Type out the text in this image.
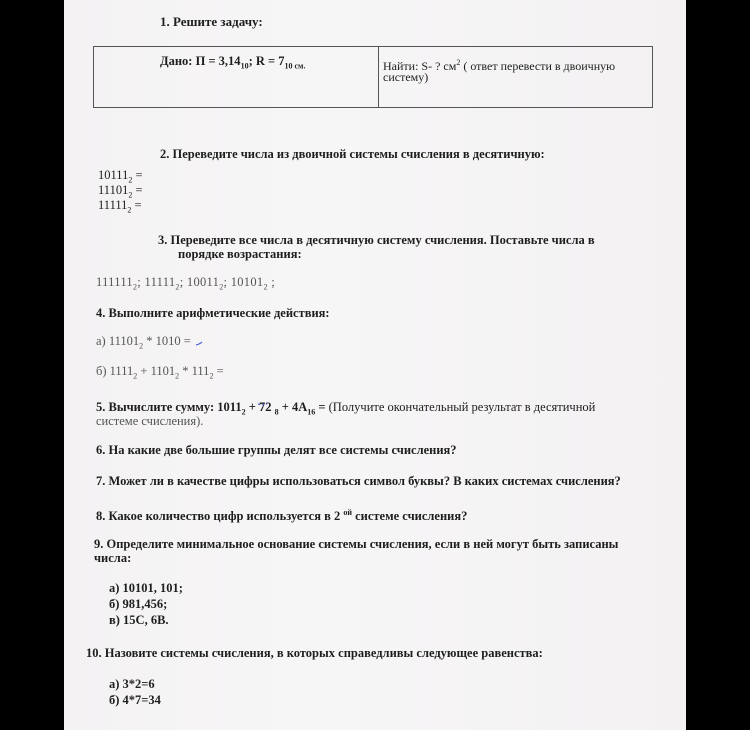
1. Решите задачу:
Дано: $П = 3,14_{10}$; $R = 7_{10 см.}$	Найти: S- ? $см^2$ ( ответ перевести в двоичную
систему)
2. Переведите числа из двоичной системы счисления в десятичную:
$10111_2$ =
$11101_2$ =
$11111_2$ =
3. Переведите все числа в десятичную систему счисления. Поставьте числа в
порядке возрастания:
$111111_2$; $11111_2$; $10011_2$; $10101_2$ ;
4. Выполните арифметические действия:
а) $11101_2 * 1010$ =
б) $1111_2 + 1101_2 * 111_2$ =
5. Вычислите сумму: $1011_2 + 72$ $_8 + 4А_{16}$ = (Получите окончательный результат в десятичной
системе счисления).
6. На какие две большие группы делят все системы счисления?
7. Может ли в качестве цифры использоваться символ буквы? В каких системах счисления?
8. Какое количество цифр используется в 2 $^{ой}$ системе счисления?
9. Определите минимальное основание системы счисления, если в ней могут быть записаны
числа:
а) 10101, 101;
б) 981,456;
в) 15С, 6В.
10. Назовите системы счисления, в которых справедливы следующее равенства:
а) 3*2=6
б) 4*7=34
